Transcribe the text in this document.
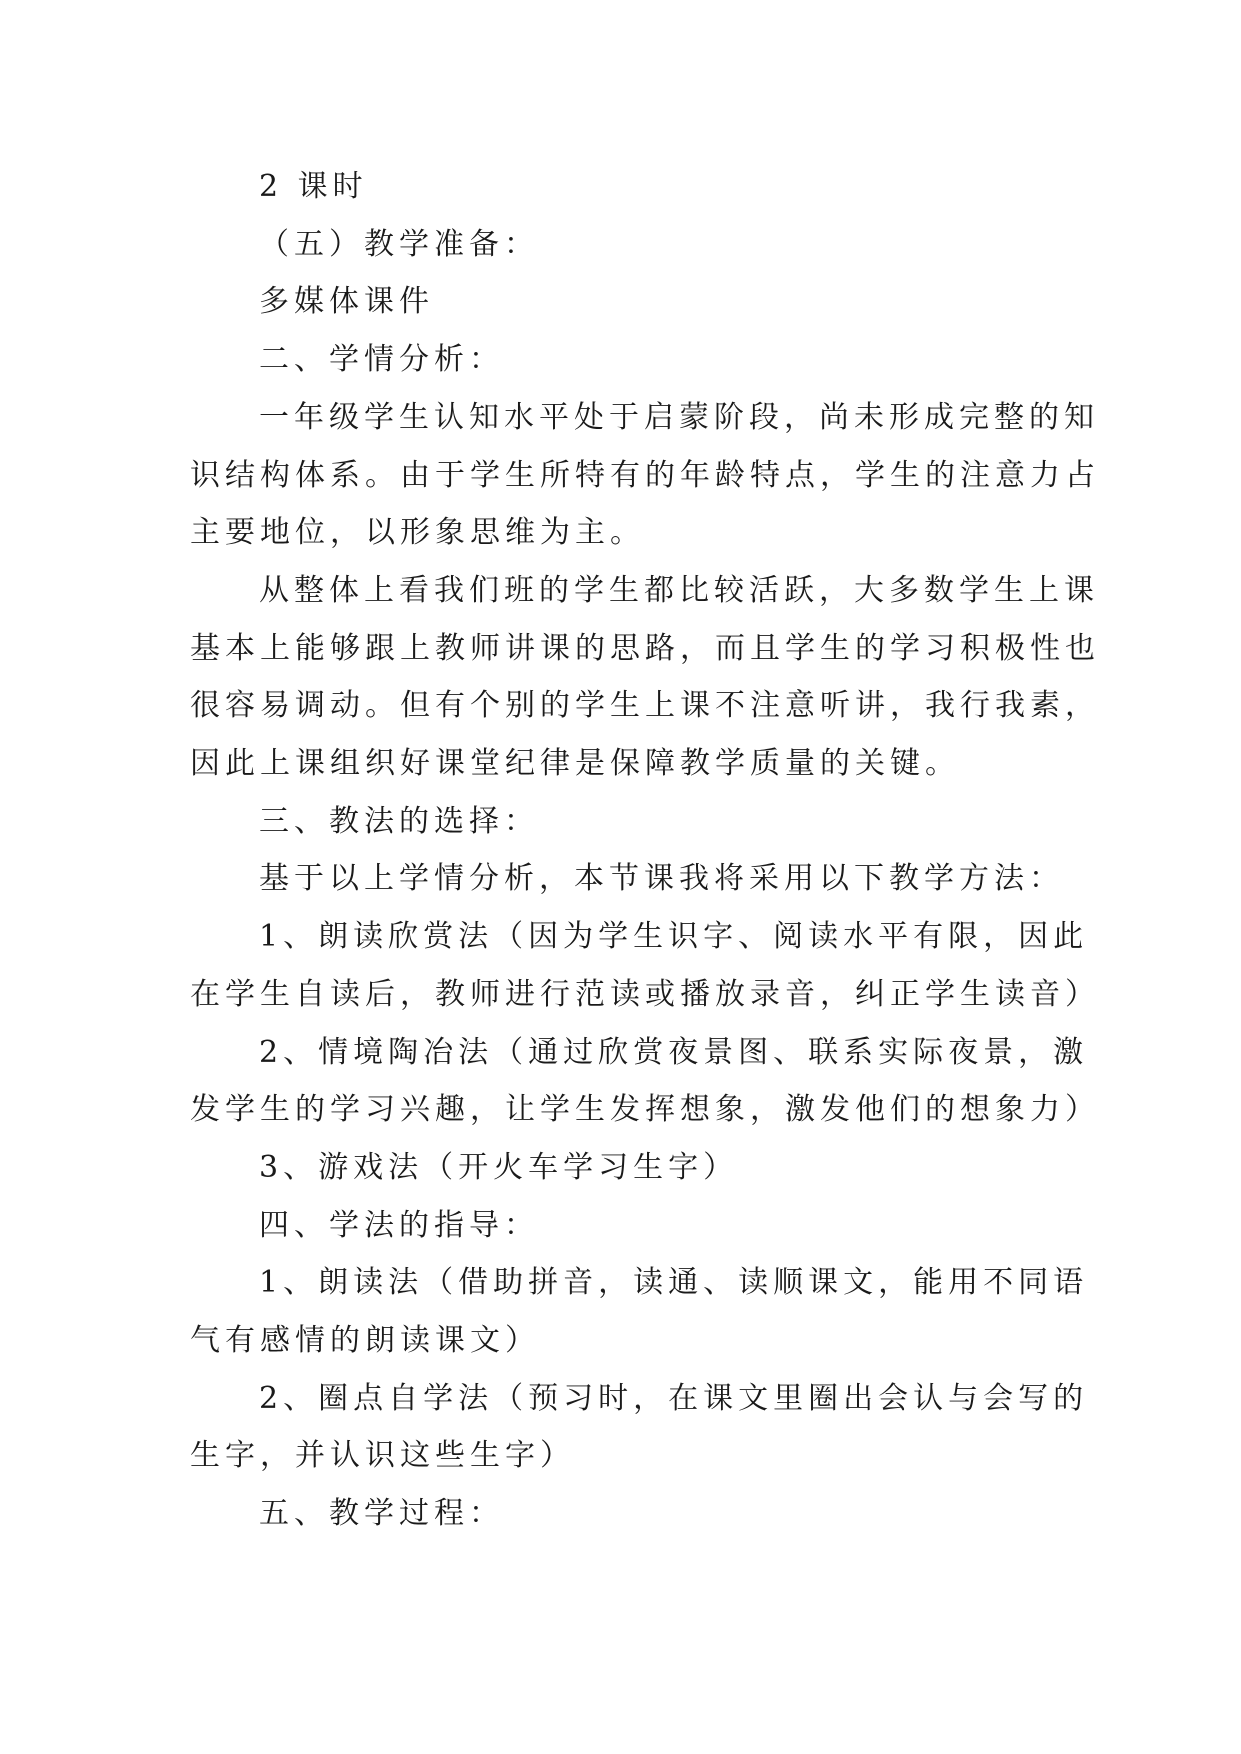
2 课时

（五）教学准备：

多媒体课件

二、学情分析：

一年级学生认知水平处于启蒙阶段，尚未形成完整的知
识结构体系。由于学生所特有的年龄特点，学生的注意力占
主要地位，以形象思维为主。

从整体上看我们班的学生都比较活跃，大多数学生上课
基本上能够跟上教师讲课的思路，而且学生的学习积极性也
很容易调动。但有个别的学生上课不注意听讲，我行我素，
因此上课组织好课堂纪律是保障教学质量的关键。

三、教法的选择：

基于以上学情分析，本节课我将采用以下教学方法：

1、朗读欣赏法（因为学生识字、阅读水平有限，因此
在学生自读后，教师进行范读或播放录音，纠正学生读音）

2、情境陶冶法（通过欣赏夜景图、联系实际夜景，激
发学生的学习兴趣，让学生发挥想象，激发他们的想象力）

3、游戏法（开火车学习生字）

四、学法的指导：

1、朗读法（借助拼音，读通、读顺课文，能用不同语
气有感情的朗读课文）

2、圈点自学法（预习时，在课文里圈出会认与会写的
生字，并认识这些生字）

五、教学过程：
